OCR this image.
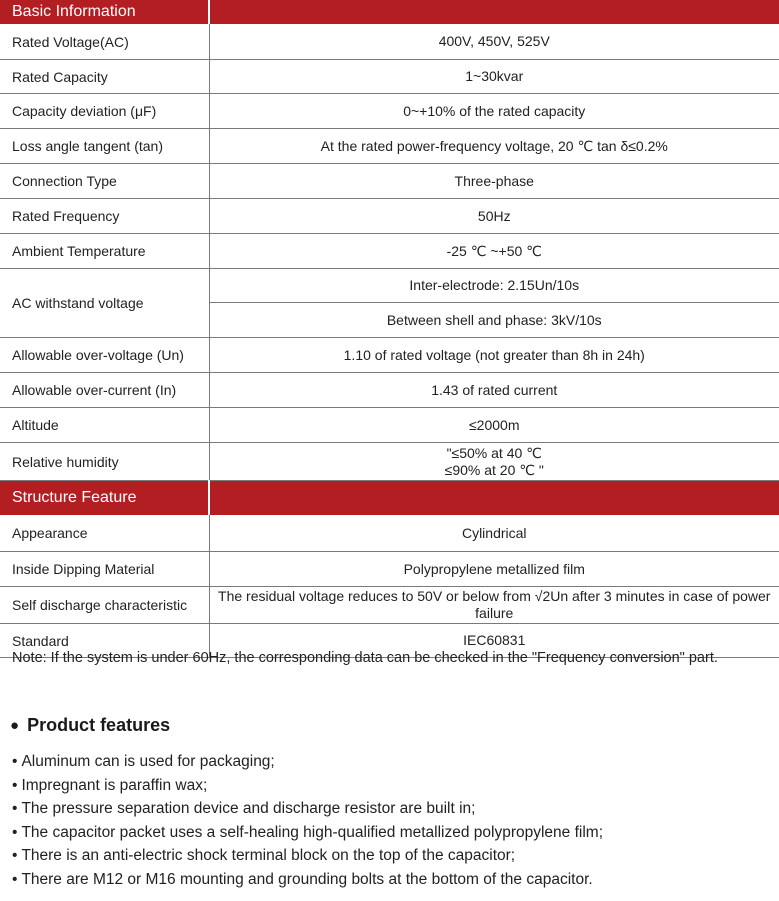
Basic Information	
Rated Voltage(AC)	400V, 450V, 525V
Rated Capacity	1~30kvar
Capacity deviation (μF)	0~+10% of the rated capacity
Loss angle tangent (tan)	At the rated power-frequency voltage, 20 ℃ tan δ≤0.2%
Connection Type	Three-phase
Rated Frequency	50Hz
Ambient Temperature	-25 ℃ ~+50 ℃
AC withstand voltage	Inter-electrode: 2.15Un/10s
	Between shell and phase: 3kV/10s
Allowable over-voltage (Un)	1.10 of rated voltage (not greater than 8h in 24h)
Allowable over-current (In)	1.43 of rated current
Altitude	≤2000m
Relative humidity	"≤50% at 40 ℃
≤90% at 20 ℃ "

Structure Feature	
Appearance	Cylindrical
Inside Dipping Material	Polypropylene metallized film
Self discharge characteristic	The residual voltage reduces to 50V or below from √2Un after 3 minutes in case of power failure
Standard	IEC60831
Note: If the system is under 60Hz, the corresponding data can be checked in the "Frequency conversion" part.
● Product features
• Aluminum can is used for packaging;
• Impregnant is paraffin wax;
• The pressure separation device and discharge resistor are built in;
• The capacitor packet uses a self-healing high-qualified metallized polypropylene film;
• There is an anti-electric shock terminal block on the top of the capacitor;
• There are M12 or M16 mounting and grounding bolts at the bottom of the capacitor.
